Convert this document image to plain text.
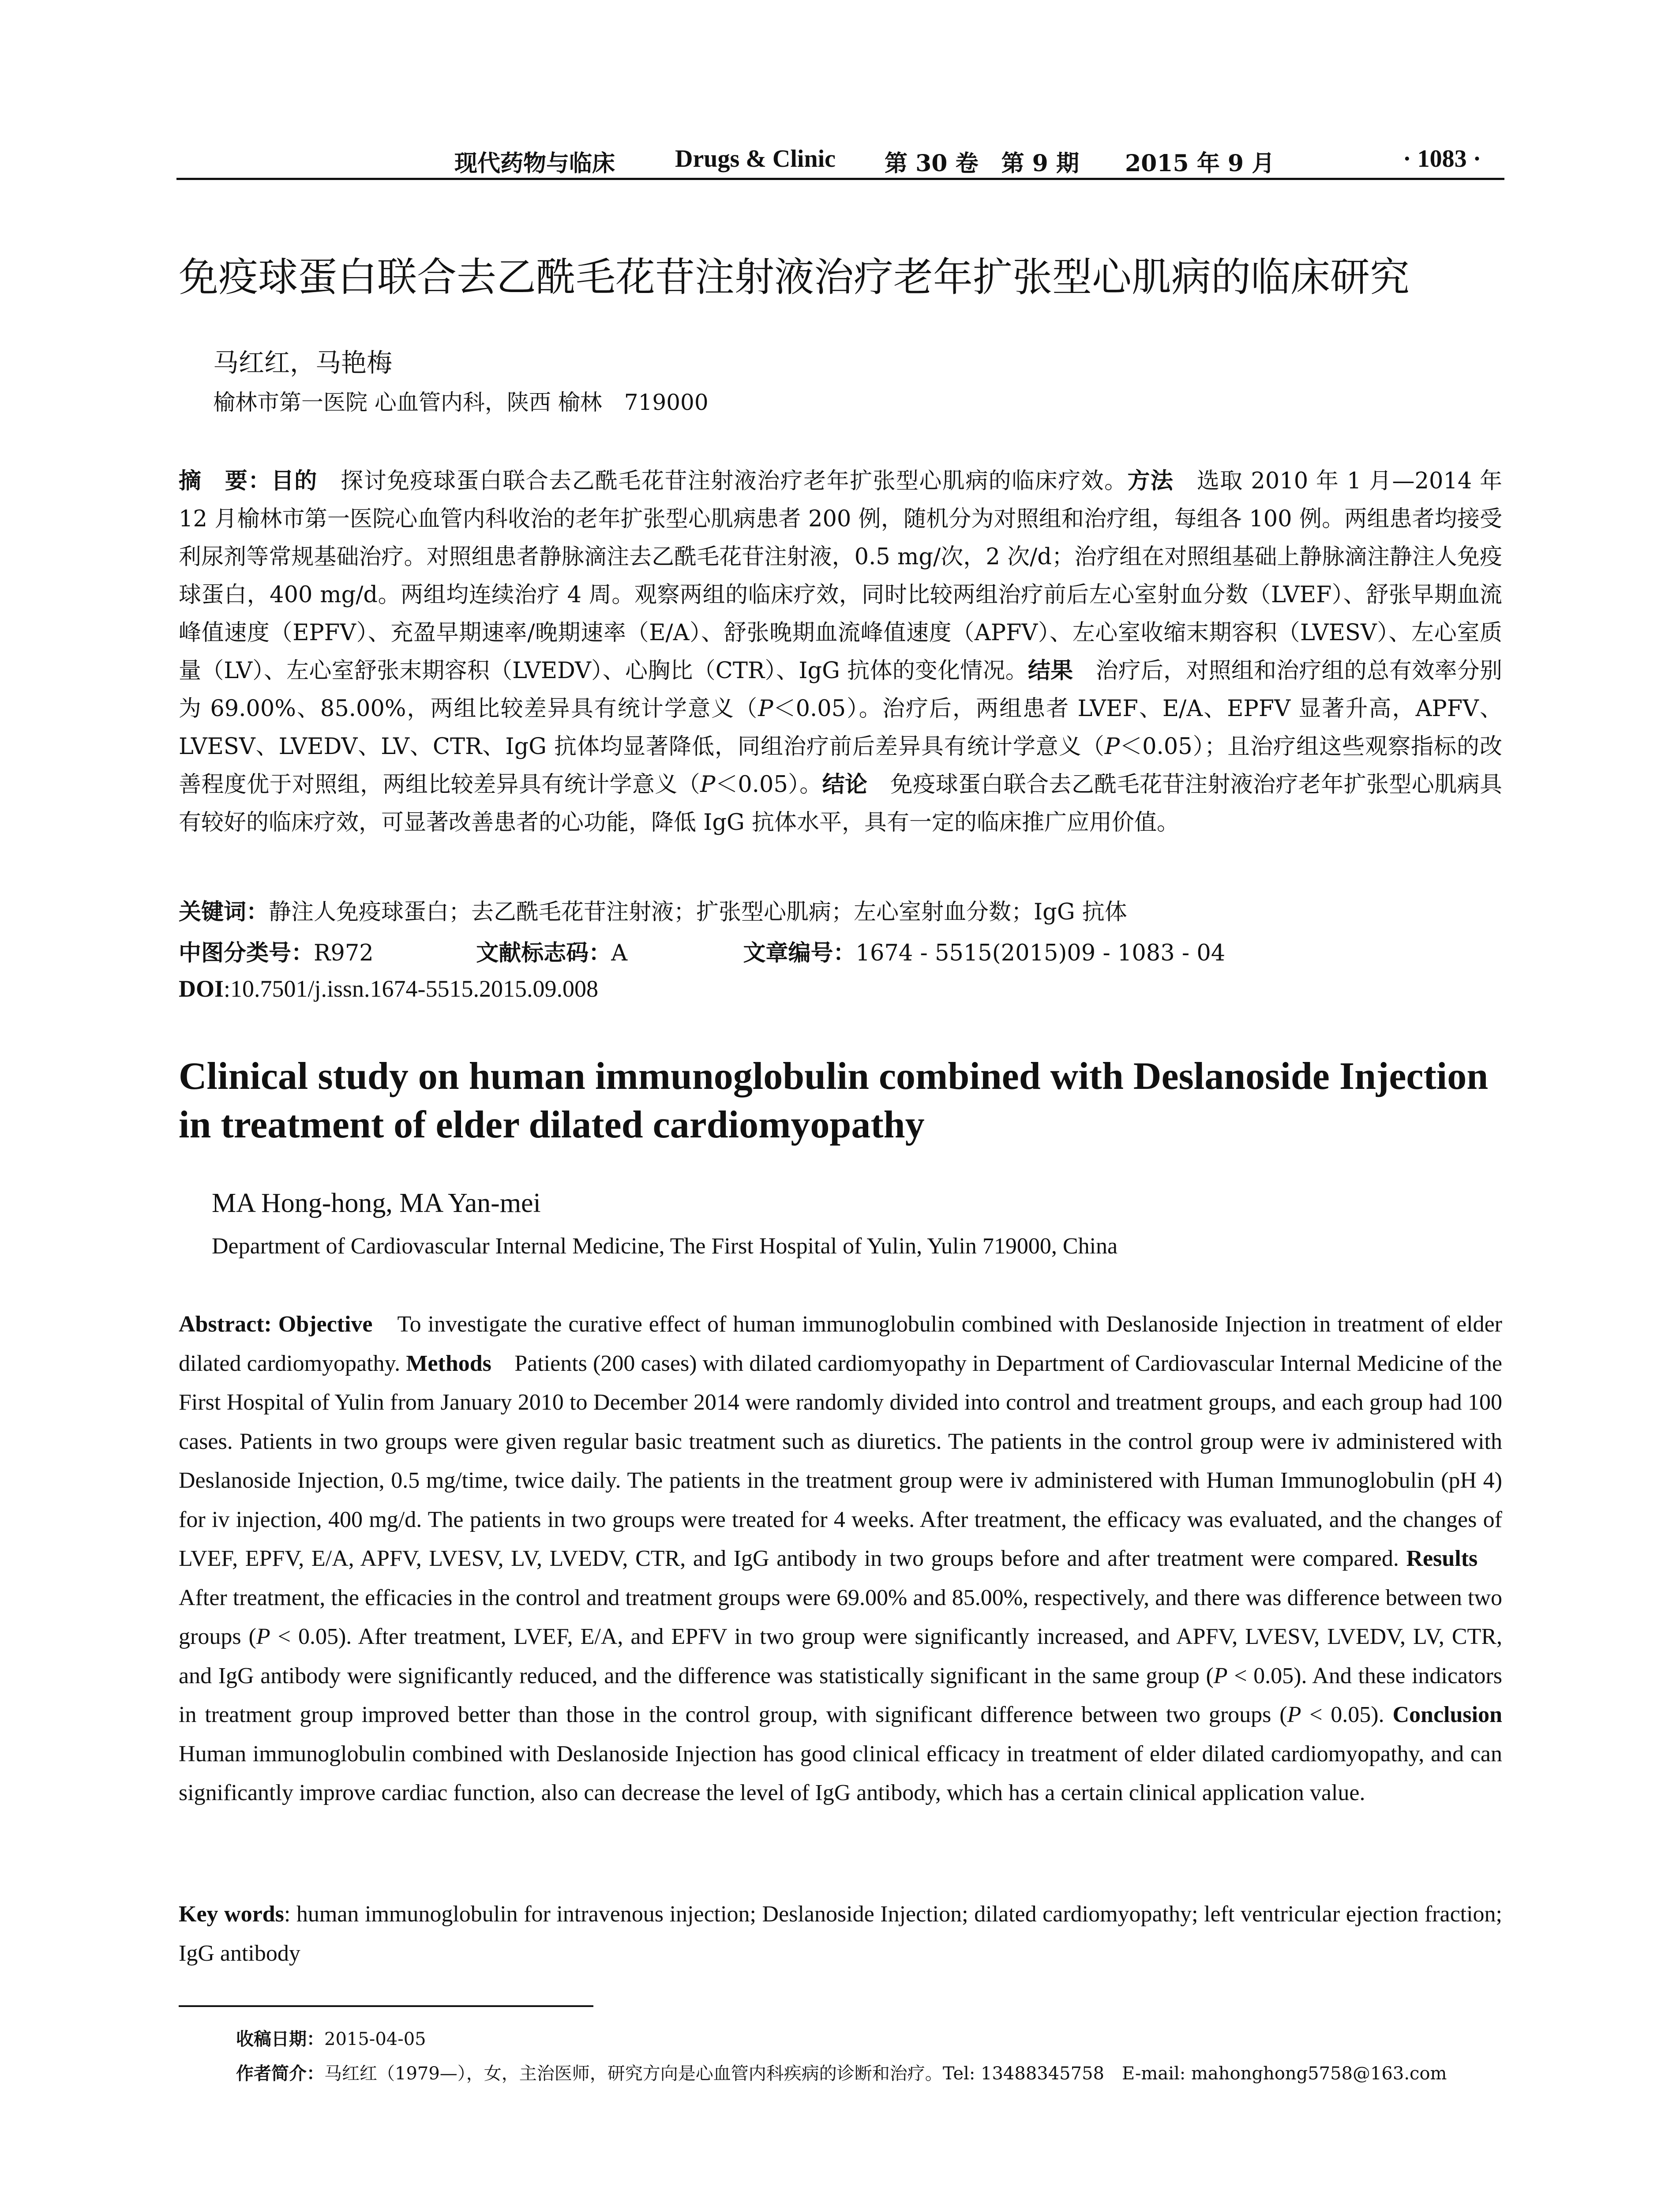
现代药物与临床 Drugs & Clinic 第 30 卷　第 9 期 2015 年 9 月	· 1083 ·
免疫球蛋白联合去乙酰毛花苷注射液治疗老年扩张型心肌病的临床研究
马红红，马艳梅
榆林市第一医院 心血管内科，陕西 榆林　719000
摘　要：目的　探讨免疫球蛋白联合去乙酰毛花苷注射液治疗老年扩张型心肌病的临床疗效。方法　选取 2010 年 1 月—2014 年 12 月榆林市第一医院心血管内科收治的老年扩张型心肌病患者 200 例，随机分为对照组和治疗组，每组各 100 例。两组患者均接受利尿剂等常规基础治疗。对照组患者静脉滴注去乙酰毛花苷注射液，0.5 mg/次，2 次/d；治疗组在对照组基础上静脉滴注静注人免疫球蛋白，400 mg/d。两组均连续治疗 4 周。观察两组的临床疗效，同时比较两组治疗前后左心室射血分数（LVEF）、舒张早期血流峰值速度（EPFV）、充盈早期速率/晚期速率（E/A）、舒张晚期血流峰值速度（APFV）、左心室收缩末期容积（LVESV）、左心室质量（LV）、左心室舒张末期容积（LVEDV）、心胸比（CTR）、IgG 抗体的变化情况。结果　治疗后，对照组和治疗组的总有效率分别为 69.00%、85.00%，两组比较差异具有统计学意义（P＜0.05）。治疗后，两组患者 LVEF、E/A、EPFV 显著升高，APFV、LVESV、LVEDV、LV、CTR、IgG 抗体均显著降低，同组治疗前后差异具有统计学意义（P＜0.05）；且治疗组这些观察指标的改善程度优于对照组，两组比较差异具有统计学意义（P＜0.05）。结论　免疫球蛋白联合去乙酰毛花苷注射液治疗老年扩张型心肌病具有较好的临床疗效，可显著改善患者的心功能，降低 IgG 抗体水平，具有一定的临床推广应用价值。
关键词：静注人免疫球蛋白；去乙酰毛花苷注射液；扩张型心肌病；左心室射血分数；IgG 抗体
中图分类号：R972	文献标志码：A	文章编号：1674 - 5515(2015)09 - 1083 - 04
DOI:10.7501/j.issn.1674-5515.2015.09.008
Clinical study on human immunoglobulin combined with Deslanoside Injection in treatment of elder dilated cardiomyopathy
MA Hong-hong, MA Yan-mei
Department of Cardiovascular Internal Medicine, The First Hospital of Yulin, Yulin 719000, China
Abstract: Objective　To investigate the curative effect of human immunoglobulin combined with Deslanoside Injection in treatment of elder dilated cardiomyopathy. Methods　Patients (200 cases) with dilated cardiomyopathy in Department of Cardiovascular Internal Medicine of the First Hospital of Yulin from January 2010 to December 2014 were randomly divided into control and treatment groups, and each group had 100 cases. Patients in two groups were given regular basic treatment such as diuretics. The patients in the control group were iv administered with Deslanoside Injection, 0.5 mg/time, twice daily. The patients in the treatment group were iv administered with Human Immunoglobulin (pH 4) for iv injection, 400 mg/d. The patients in two groups were treated for 4 weeks. After treatment, the efficacy was evaluated, and the changes of LVEF, EPFV, E/A, APFV, LVESV, LV, LVEDV, CTR, and IgG antibody in two groups before and after treatment were compared. Results　After treatment, the efficacies in the control and treatment groups were 69.00% and 85.00%, respectively, and there was difference between two groups (P < 0.05). After treatment, LVEF, E/A, and EPFV in two group were significantly increased, and APFV, LVESV, LVEDV, LV, CTR, and IgG antibody were significantly reduced, and the difference was statistically significant in the same group (P < 0.05). And these indicators in treatment group improved better than those in the control group, with significant difference between two groups (P < 0.05). Conclusion Human immunoglobulin combined with Deslanoside Injection has good clinical efficacy in treatment of elder dilated cardiomyopathy, and can significantly improve cardiac function, also can decrease the level of IgG antibody, which has a certain clinical application value.
Key words: human immunoglobulin for intravenous injection; Deslanoside Injection; dilated cardiomyopathy; left ventricular ejection fraction; IgG antibody
收稿日期：2015-04-05
作者简介：马红红（1979—），女，主治医师，研究方向是心血管内科疾病的诊断和治疗。Tel: 13488345758　E-mail: mahonghong5758@163.com
